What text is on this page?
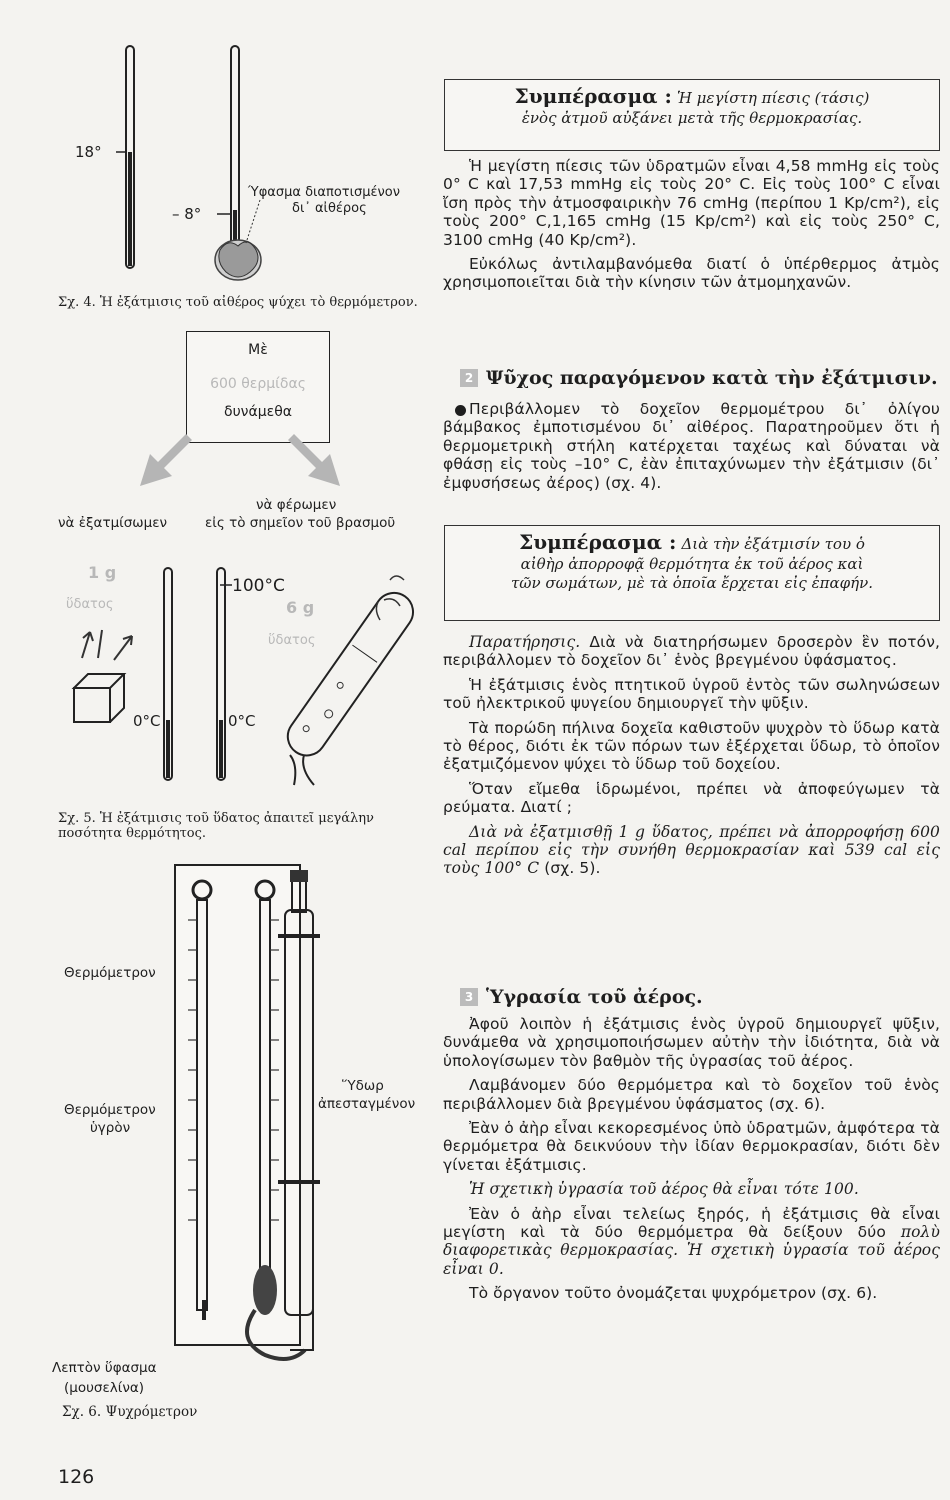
18°
– 8°
Ύφασμα διαποτισμένον
δι᾽ αἰθέρος
Σχ. 4. Ἡ ἐξάτμισις τοῦ αἰθέρος ψύχει τὸ θερμόμετρον.
Μὲ
600 θερμίδας
δυνάμεθα
νὰ ἐξατμίσωμεν
νὰ φέρωμεν
εἰς τὸ σημεῖον τοῦ βρασμοῦ
1 g
ὕδατος	6 g
ὕδατος
100°C
0°C	0°C
Σχ. 5. Ἡ ἐξάτμισις τοῦ ὕδατος ἀπαιτεῖ μεγάλην ποσότητα θερμότητος.
Θερμόμετρον
Θερμόμετρον
ὑγρὸν
Ὕδωρ
ἀπεσταγμένον
Λεπτὸν ὕφασμα
(μουσελίνα)
Σχ. 6. Ψυχρόμετρον
126
Συμπέρασμα : Ἡ μεγίστη πίεσις (τάσις)
ἑνὸς ἀτμοῦ αὐξάνει μετὰ τῆς θερμοκρασίας.

Ἡ μεγίστη πίεσις τῶν ὑδρατμῶν εἶναι 4,58 mmHg εἰς τοὺς 0° C καὶ 17,53 mmHg εἰς τοὺς 20° C. Εἰς τοὺς 100° C εἶναι ἴση πρὸς τὴν ἀτμοσφαιρικὴν 76 cmHg (περίπου 1 Kp/cm²), εἰς τοὺς 200° C,1,165 cmHg (15 Kp/cm²) καὶ εἰς τοὺς 250° C, 3100 cmHg (40 Kp/cm²).

Εὐκόλως ἀντιλαμβανόμεθα διατί ὁ ὑπέρθερμος ἀτμὸς χρησιμοποιεῖται διὰ τὴν κίνησιν τῶν ἀτμομηχανῶν.

2 Ψῦχος παραγόμενον κατὰ τὴν ἐξάτμισιν.

Περιβάλλομεν τὸ δοχεῖον θερμομέτρου δι᾽ ὀλίγου βάμβακος ἐμποτισμένου δι᾽ αἰθέρος. Παρατηροῦμεν ὅτι ἡ θερμομετρικὴ στήλη κατέρχεται ταχέως καὶ δύναται νὰ φθάσῃ εἰς τοὺς –10° C, ἐὰν ἐπιταχύνωμεν τὴν ἐξάτμισιν (δι᾽ ἐμφυσήσεως ἀέρος) (σχ. 4).

Συμπέρασμα : Διὰ τὴν ἐξάτμισίν του ὁ
αἰθὴρ ἀπορροφᾷ θερμότητα ἐκ τοῦ ἀέρος καὶ
τῶν σωμάτων, μὲ τὰ ὁποῖα ἔρχεται εἰς ἐπαφήν.

Παρατήρησις. Διὰ νὰ διατηρήσωμεν δροσερὸν ἓν ποτόν, περιβάλλομεν τὸ δοχεῖον δι᾽ ἑνὸς βρεγμένου ὑφάσματος.

Ἡ ἐξάτμισις ἑνὸς πτητικοῦ ὑγροῦ ἐντὸς τῶν σωληνώσεων τοῦ ἠλεκτρικοῦ ψυγείου δημιουργεῖ τὴν ψῦξιν.

Τὰ πορώδη πήλινα δοχεῖα καθιστοῦν ψυχρὸν τὸ ὕδωρ κατὰ τὸ θέρος, διότι ἐκ τῶν πόρων των ἐξέρχεται ὕδωρ, τὸ ὁποῖον ἐξατμιζόμενον ψύχει τὸ ὕδωρ τοῦ δοχείου.

Ὅταν εἴμεθα ἱδρωμένοι, πρέπει νὰ ἀποφεύγωμεν τὰ ρεύματα. Διατί ;

Διὰ νὰ ἐξατμισθῇ 1 g ὕδατος, πρέπει νὰ ἀπορροφήσῃ 600 cal περίπου εἰς τὴν συνήθη θερμοκρασίαν καὶ 539 cal εἰς τοὺς 100° C (σχ. 5).

3 Ὑγρασία τοῦ ἀέρος.

Ἀφοῦ λοιπὸν ἡ ἐξάτμισις ἑνὸς ὑγροῦ δημιουργεῖ ψῦξιν, δυνάμεθα νὰ χρησιμοποιήσωμεν αὐτὴν τὴν ἰδιότητα, διὰ νὰ ὑπολογίσωμεν τὸν βαθμὸν τῆς ὑγρασίας τοῦ ἀέρος.

Λαμβάνομεν δύο θερμόμετρα καὶ τὸ δοχεῖον τοῦ ἑνὸς περιβάλλομεν διὰ βρεγμένου ὑφάσματος (σχ. 6).

Ἐὰν ὁ ἀὴρ εἶναι κεκορεσμένος ὑπὸ ὑδρατμῶν, ἀμφότερα τὰ θερμόμετρα θὰ δεικνύουν τὴν ἰδίαν θερμοκρασίαν, διότι δὲν γίνεται ἐξάτμισις.

Ἡ σχετικὴ ὑγρασία τοῦ ἀέρος θὰ εἶναι τότε 100.

Ἐὰν ὁ ἀὴρ εἶναι τελείως ξηρός, ἡ ἐξάτμισις θὰ εἶναι μεγίστη καὶ τὰ δύο θερμόμετρα θὰ δείξουν δύο πολὺ διαφορετικὰς θερμοκρασίας. Ἡ σχετικὴ ὑγρασία τοῦ ἀέρος εἶναι 0.

Τὸ ὄργανον τοῦτο ὀνομάζεται ψυχρόμετρον (σχ. 6).
